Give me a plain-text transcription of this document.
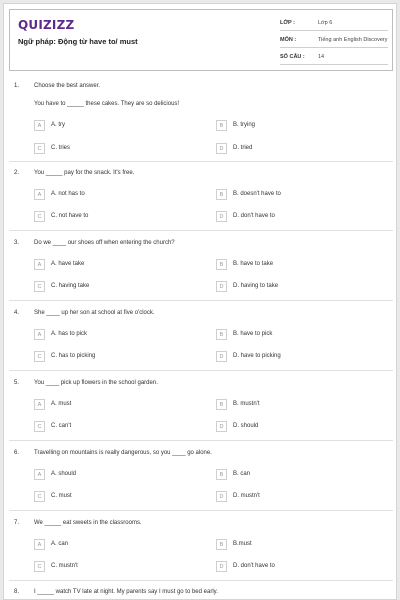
QUIZIZZ
Ngữ pháp: Động từ have to/ must
LỚP :	Lớp 6
MÔN :	Tiếng anh English Discovery
SỐ CÂU : 14
1. Choose the best answer.
You have to _____ these cakes. They are so delicious!
A	A. try	B	B. trying
C	C. tries	D	D. tried
2. You _____ pay for the snack. It's free.
A	A. not has to	B	B. doesn't have to
C	C. not have to	D	D. don't have to
3. Do we ____ our shoes off when entering the church?
A	A. have take	B	B. have to take
C	C. having take	D	D. having to take
4. She ____ up her son at school at five o'clock.
A	A. has to pick	B	B. have to pick
C	C. has to picking	D	D. have to picking
5. You ____ pick up flowers in the school garden.
A	A. must	B	B. mustn't
C	C. can't	D	D. should
6. Travelling on mountains is really dangerous, so you ____ go alone.
A	A. should	B	B. can
C	C. must	D	D. mustn't
7. We _____ eat sweets in the classrooms.
A	A. can	B	B.must
C	C. mustn't	D	D. don't have to
8. I _____ watch TV late at night. My parents say I must go to bed early.
